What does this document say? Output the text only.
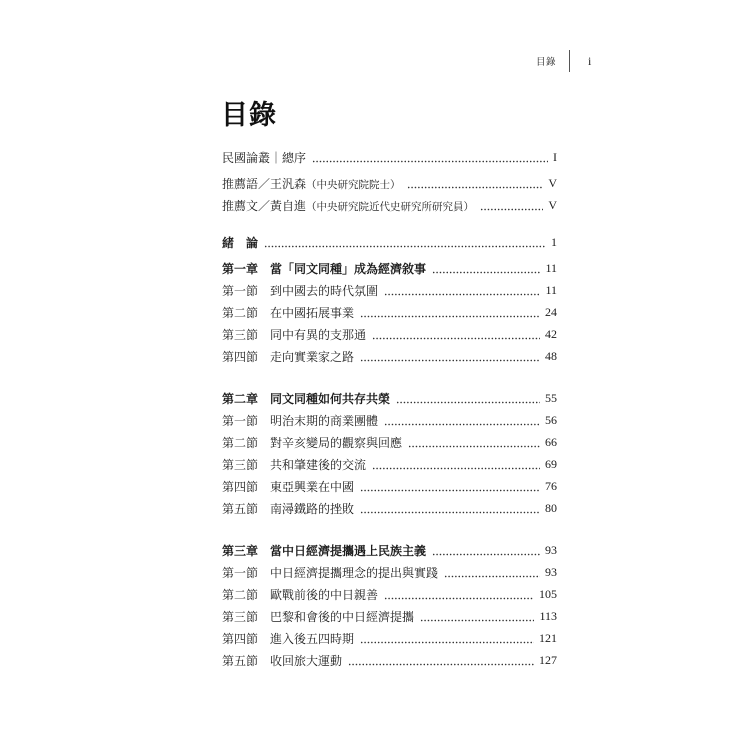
目錄	i
目錄
民國論叢｜總序	I
推薦語／王汎森（中央研究院院士）	V
推薦文／黃自進（中央研究院近代史研究所研究員）	V
緒　論	1
第一章 當「同文同種」成為經濟敘事	11
第一節 到中國去的時代氛圍	11
第二節 在中國拓展事業	24
第三節 同中有異的支那通	42
第四節 走向實業家之路	48
第二章 同文同種如何共存共榮	55
第一節 明治末期的商業團體	56
第二節 對辛亥變局的觀察與回應	66
第三節 共和肇建後的交流	69
第四節 東亞興業在中國	76
第五節 南潯鐵路的挫敗	80
第三章 當中日經濟提攜遇上民族主義	93
第一節 中日經濟提攜理念的提出與實踐	93
第二節 歐戰前後的中日親善	105
第三節 巴黎和會後的中日經濟提攜	113
第四節 進入後五四時期	121
第五節 收回旅大運動	127
